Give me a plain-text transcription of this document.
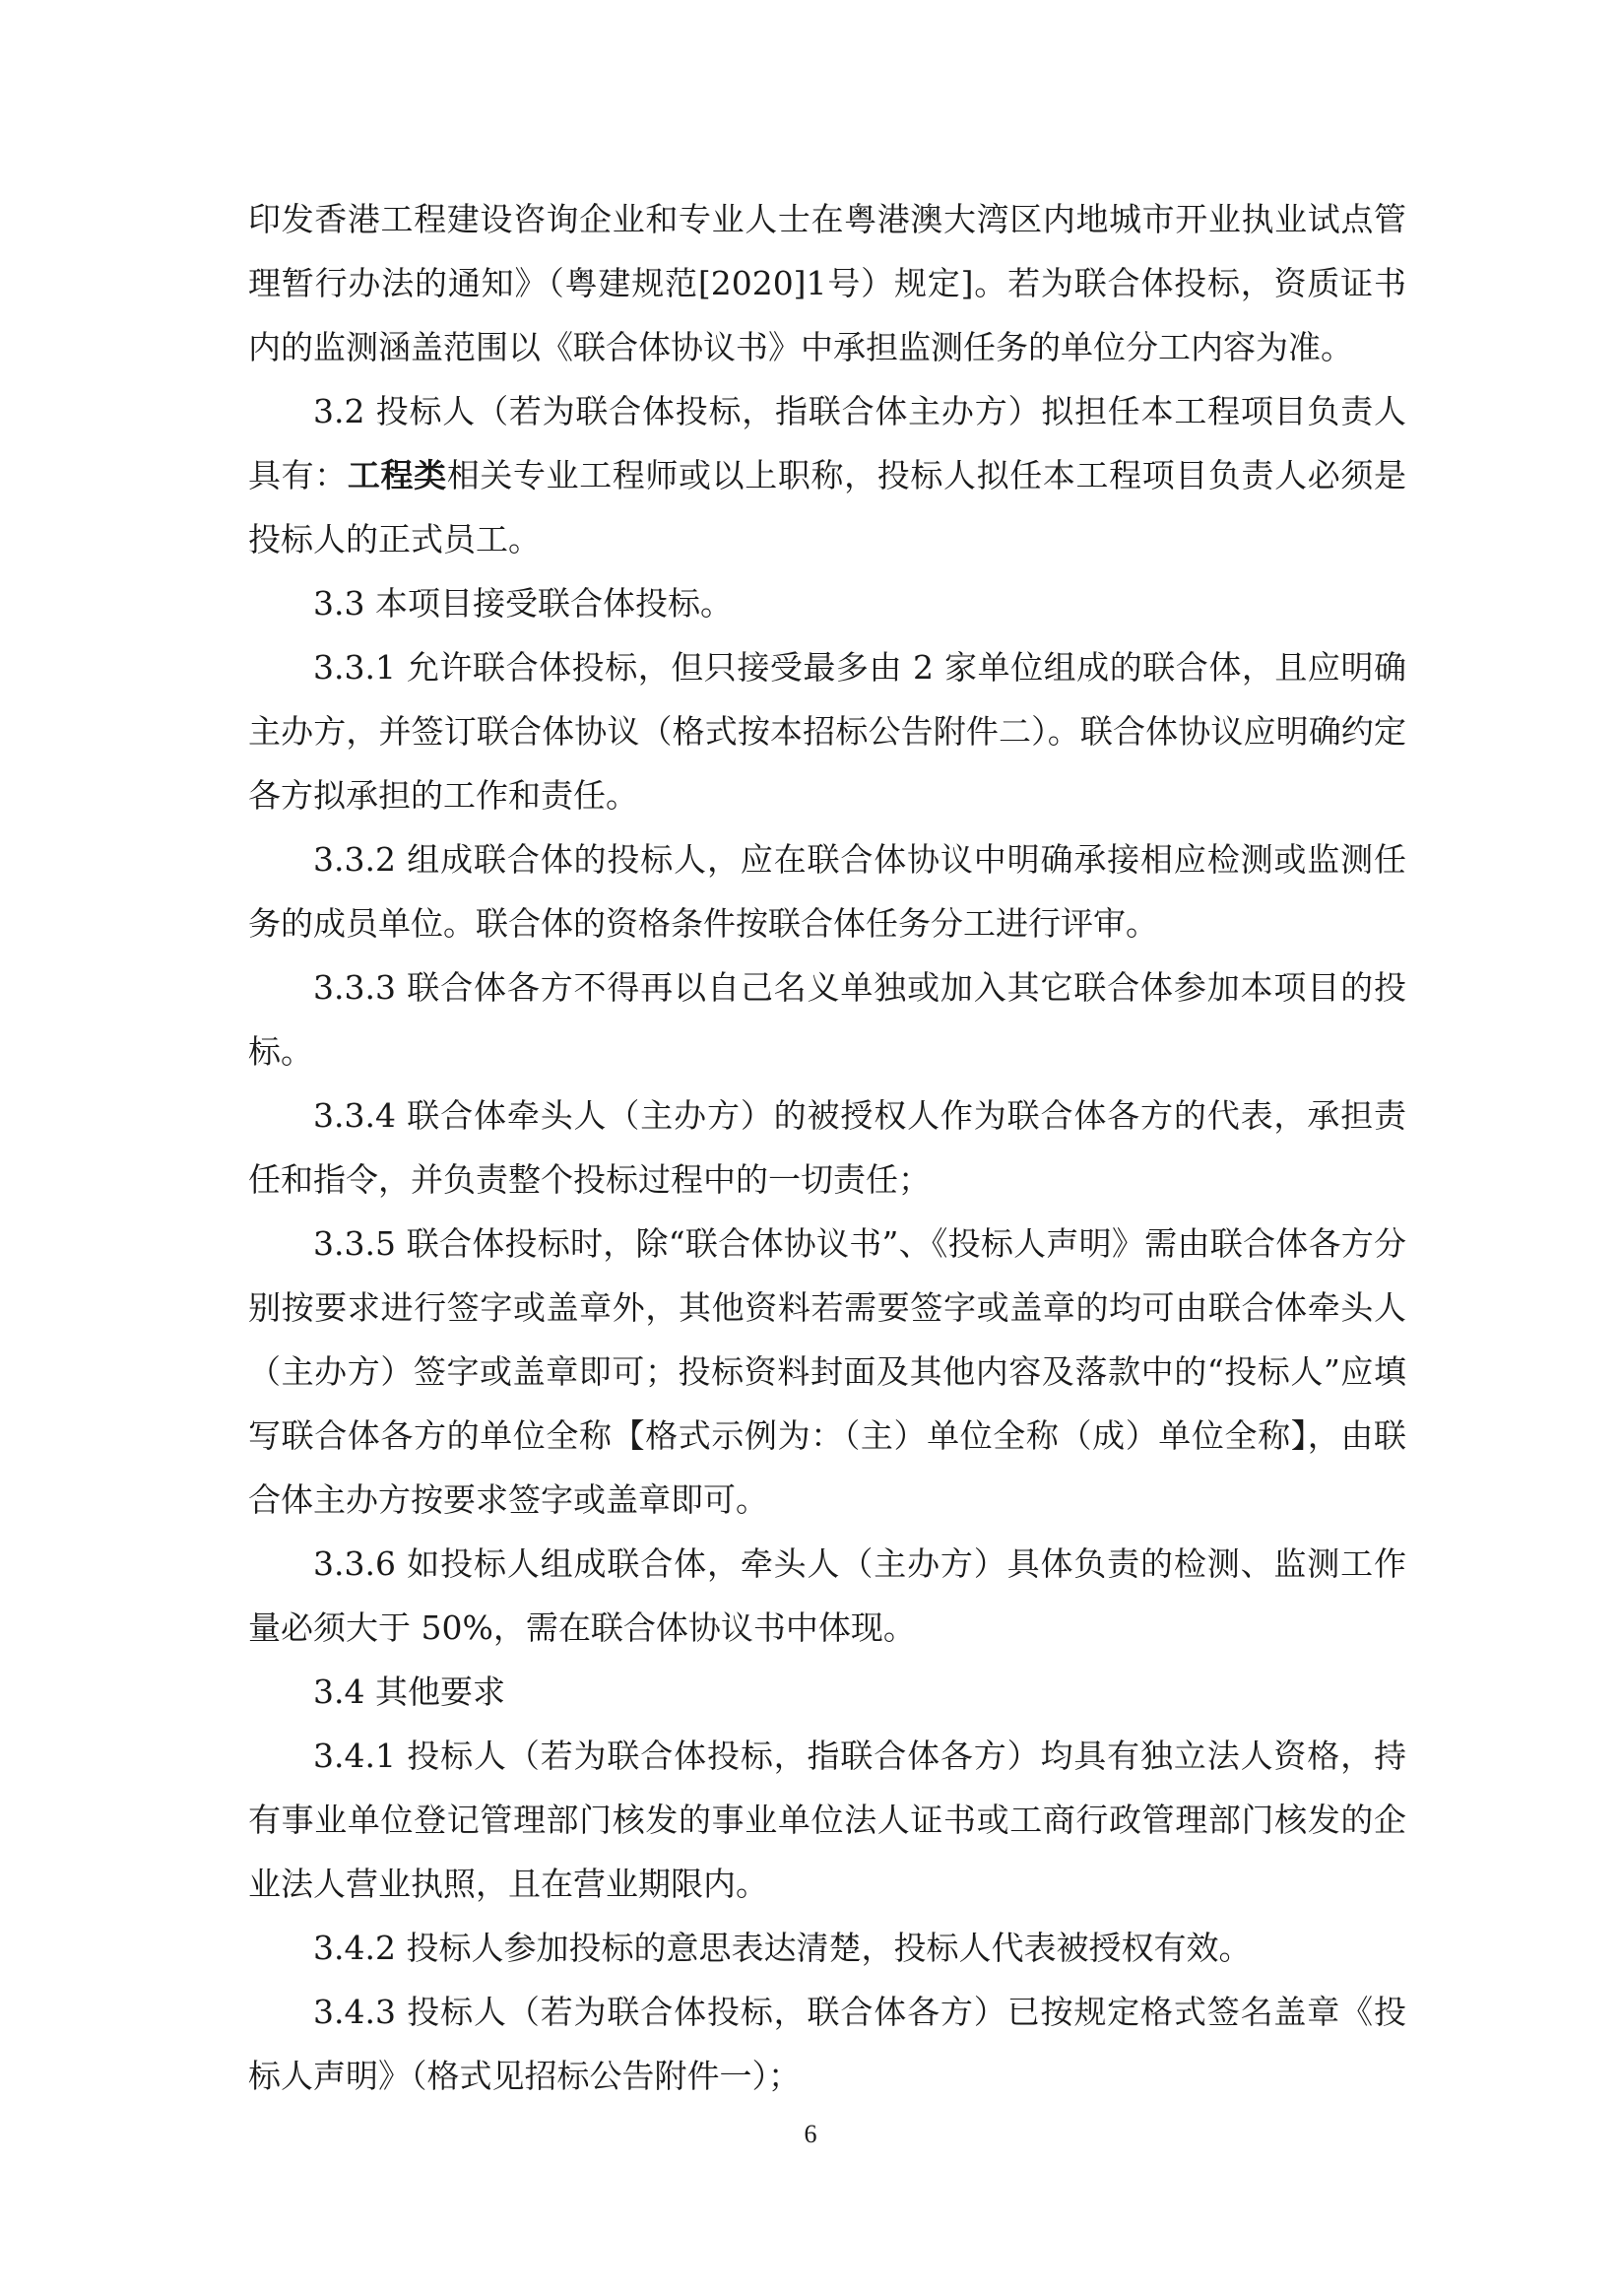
印发香港工程建设咨询企业和专业人士在粤港澳大湾区内地城市开业执业试点管理暂行办法的通知》（粤建规范[2020]1号）规定]。若为联合体投标，资质证书内的监测涵盖范围以《联合体协议书》中承担监测任务的单位分工内容为准。

3.2 投标人（若为联合体投标，指联合体主办方）拟担任本工程项目负责人具有：工程类相关专业工程师或以上职称，投标人拟任本工程项目负责人必须是投标人的正式员工。

3.3 本项目接受联合体投标。

3.3.1 允许联合体投标，但只接受最多由 2 家单位组成的联合体，且应明确主办方，并签订联合体协议（格式按本招标公告附件二）。联合体协议应明确约定各方拟承担的工作和责任。

3.3.2 组成联合体的投标人，应在联合体协议中明确承接相应检测或监测任务的成员单位。联合体的资格条件按联合体任务分工进行评审。

3.3.3 联合体各方不得再以自己名义单独或加入其它联合体参加本项目的投标。

3.3.4 联合体牵头人（主办方）的被授权人作为联合体各方的代表，承担责任和指令，并负责整个投标过程中的一切责任；

3.3.5 联合体投标时，除“联合体协议书”、《投标人声明》需由联合体各方分别按要求进行签字或盖章外，其他资料若需要签字或盖章的均可由联合体牵头人（主办方）签字或盖章即可；投标资料封面及其他内容及落款中的“投标人”应填写联合体各方的单位全称【格式示例为：（主）单位全称（成）单位全称】，由联合体主办方按要求签字或盖章即可。

3.3.6 如投标人组成联合体，牵头人（主办方）具体负责的检测、监测工作量必须大于 50%，需在联合体协议书中体现。

3.4 其他要求

3.4.1 投标人（若为联合体投标，指联合体各方）均具有独立法人资格，持有事业单位登记管理部门核发的事业单位法人证书或工商行政管理部门核发的企业法人营业执照，且在营业期限内。

3.4.2 投标人参加投标的意思表达清楚，投标人代表被授权有效。

3.4.3 投标人（若为联合体投标，联合体各方）已按规定格式签名盖章《投标人声明》（格式见招标公告附件一）；

6
